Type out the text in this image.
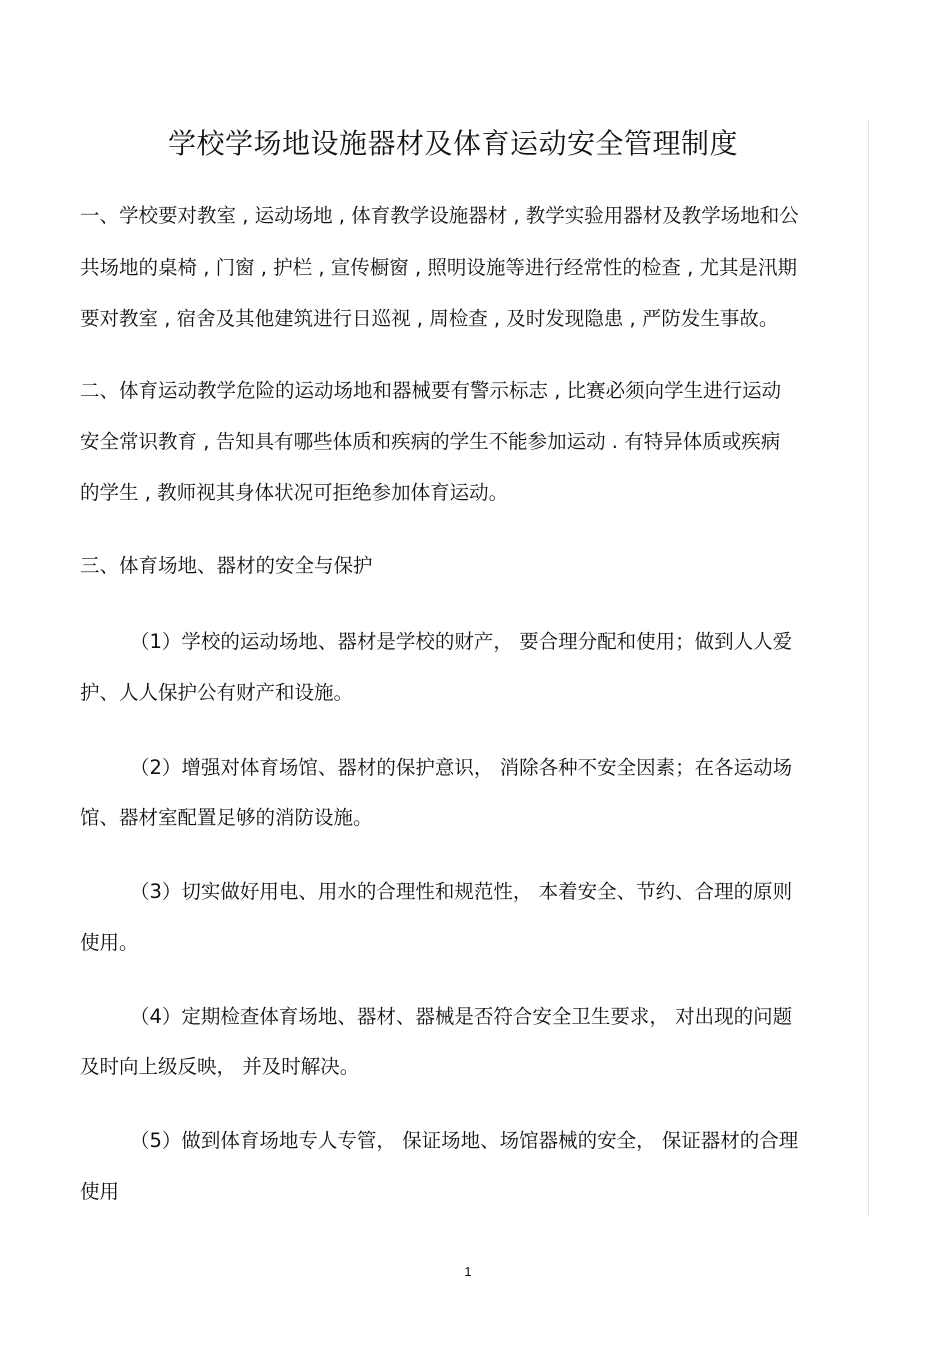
学校学场地设施器材及体育运动安全管理制度
一、学校要对教室 , 运动场地 , 体育教学设施器材 , 教学实验用器材及教学场地和公
共场地的桌椅 , 门窗 , 护栏 , 宣传橱窗 , 照明设施等进行经常性的检查 , 尤其是汛期
要对教室 , 宿舍及其他建筑进行日巡视 , 周检查 , 及时发现隐患 , 严防发生事故。
二、体育运动教学危险的运动场地和器械要有警示标志 , 比赛必须向学生进行运动
安全常识教育 , 告知具有哪些体质和疾病的学生不能参加运动 . 有特异体质或疾病
的学生 , 教师视其身体状况可拒绝参加体育运动。
三、体育场地、器材的安全与保护
（1）学校的运动场地、器材是学校的财产， 要合理分配和使用；做到人人爱
护、人人保护公有财产和设施。
（2）增强对体育场馆、器材的保护意识， 消除各种不安全因素；在各运动场
馆、器材室配置足够的消防设施。
（3）切实做好用电、用水的合理性和规范性， 本着安全、节约、合理的原则
使用。
（4）定期检查体育场地、器材、器械是否符合安全卫生要求， 对出现的问题
及时向上级反映， 并及时解决。
（5）做到体育场地专人专管， 保证场地、场馆器械的安全， 保证器材的合理
使用
1
